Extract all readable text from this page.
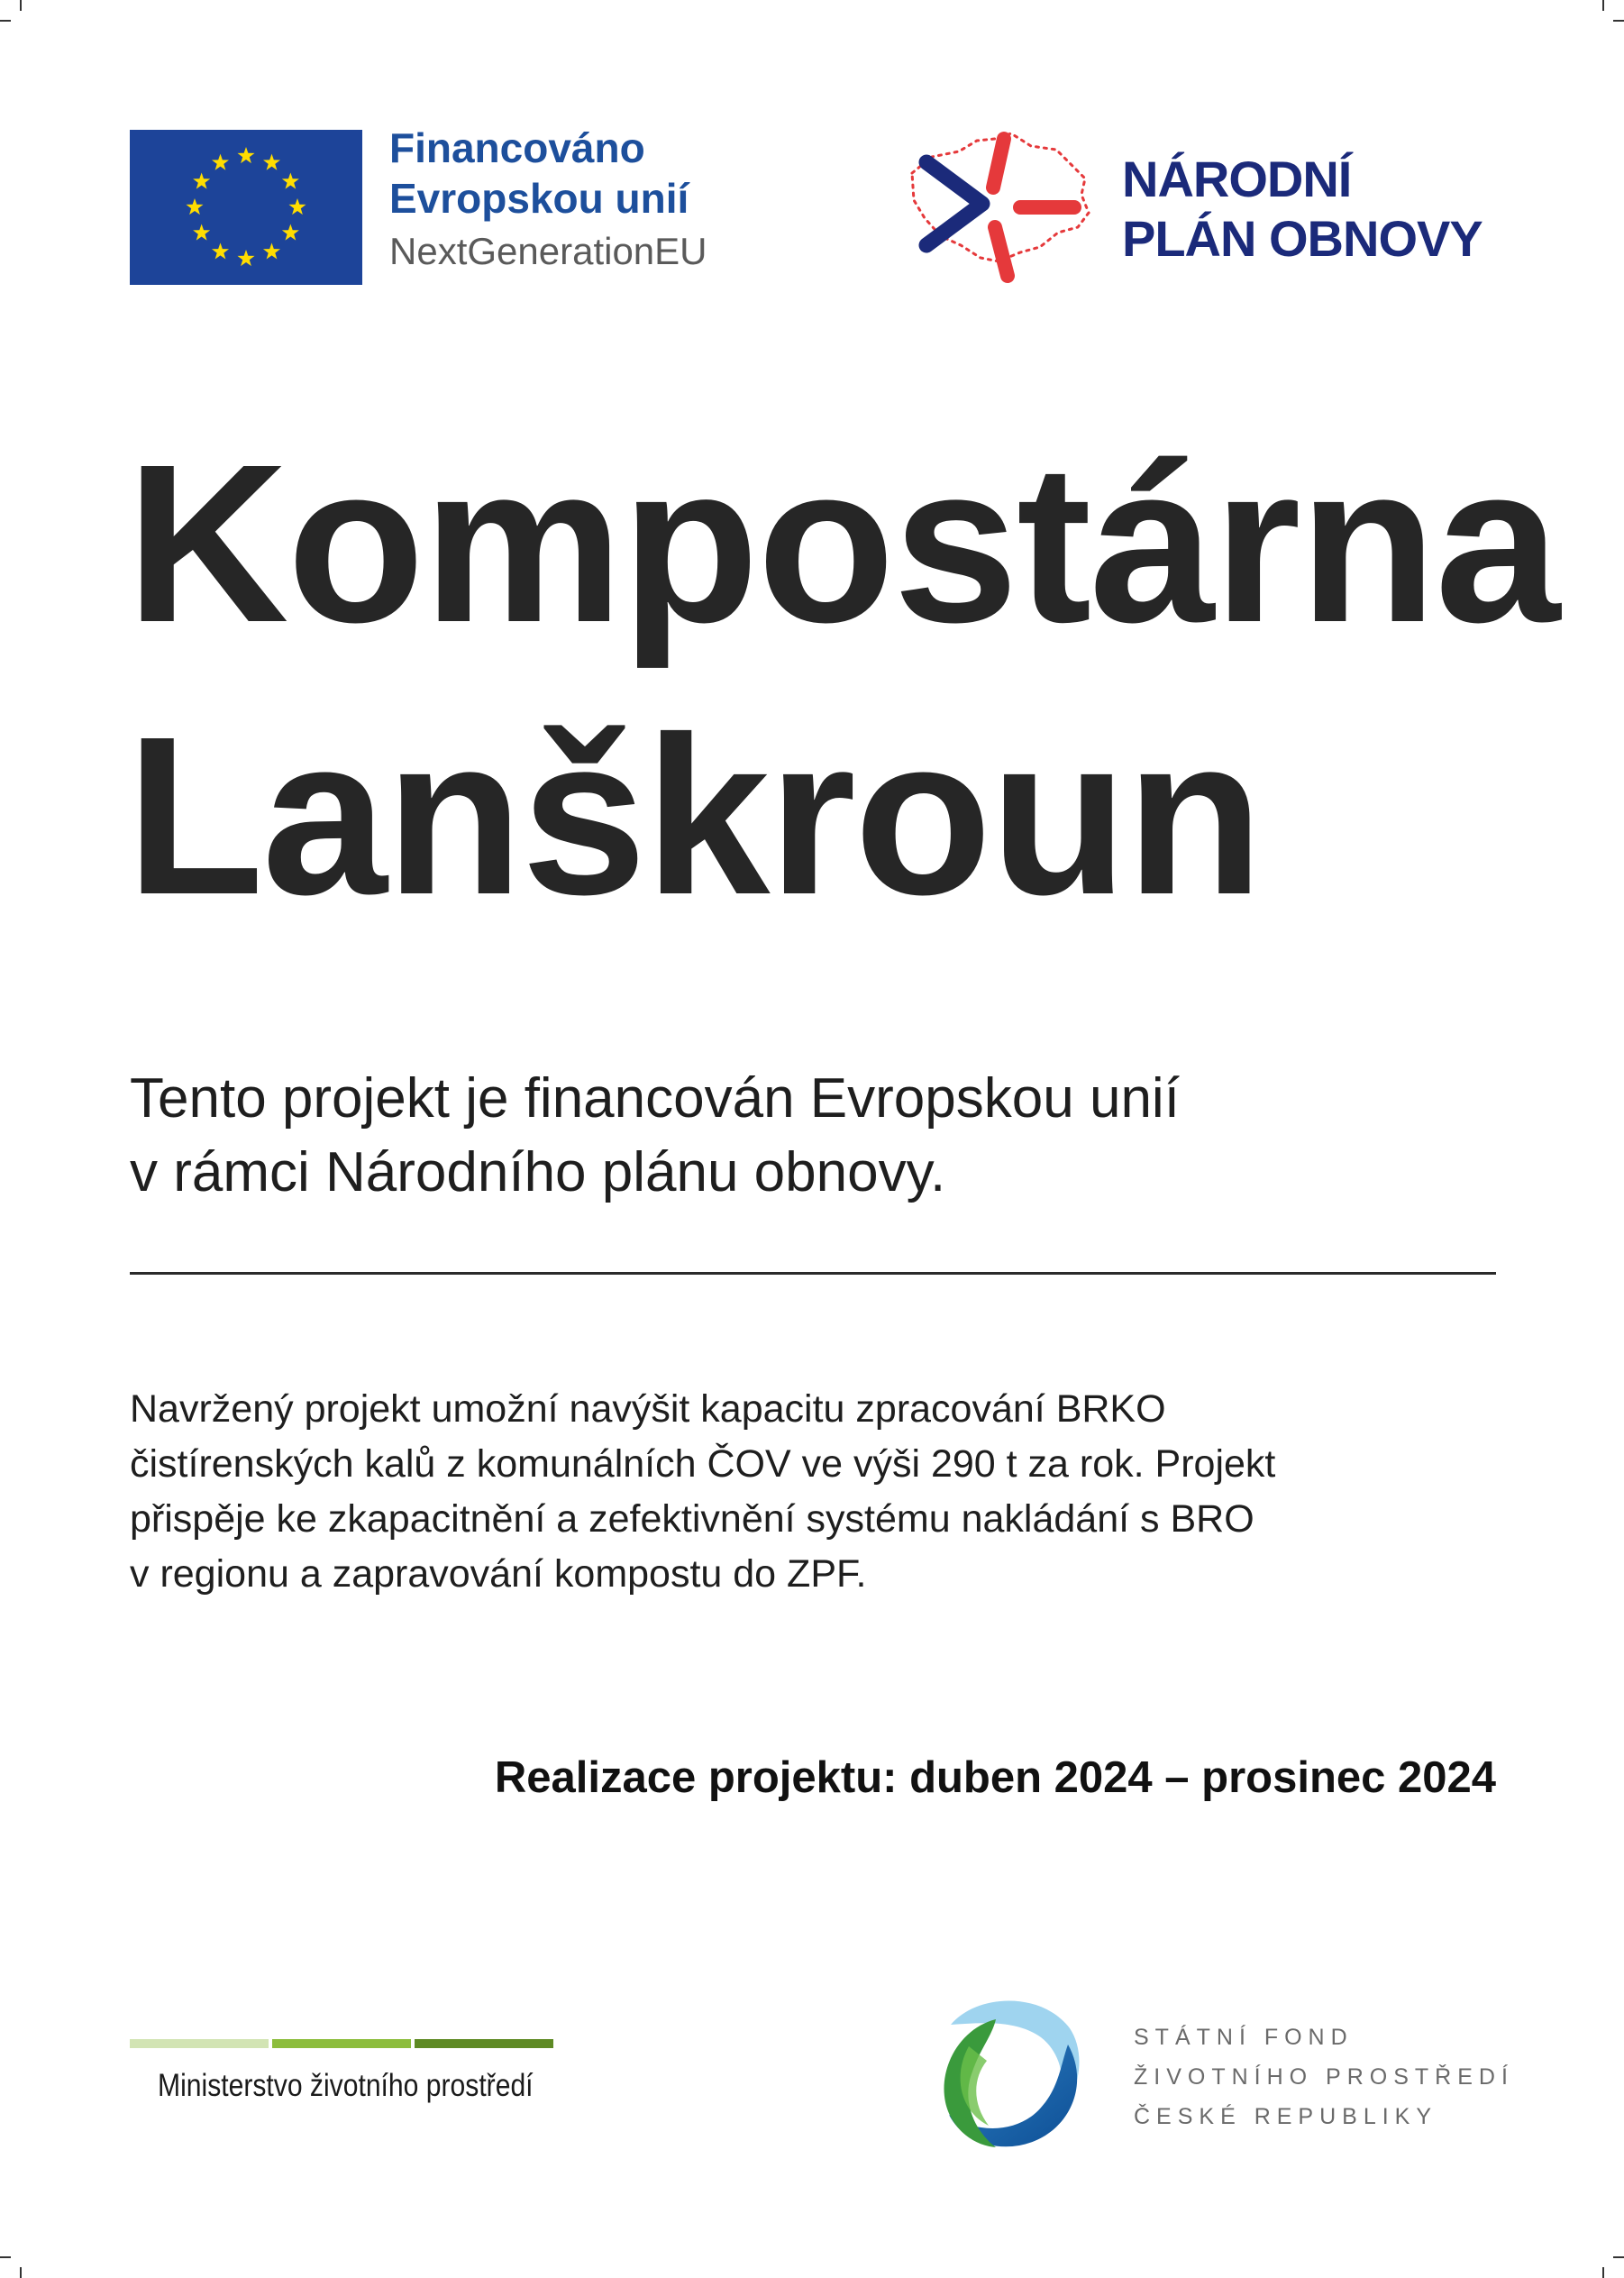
Financováno
Evropskou unií
NextGenerationEU
NÁRODNÍ
PLÁN OBNOVY
Kompostárna
Lanškroun

Tento projekt je financován Evropskou unií
v rámci Národního plánu obnovy.

Navržený projekt umožní navýšit kapacitu zpracování BRKO
čistírenských kalů z komunálních ČOV ve výši 290 t za rok. Projekt
přispěje ke zkapacitnění a zefektivnění systému nakládání s BRO
v regionu a zapravování kompostu do ZPF.

Realizace projektu: duben 2024 – prosinec 2024
Ministerstvo životního prostředí
STÁTNÍ FOND
ŽIVOTNÍHO PROSTŘEDÍ
ČESKÉ REPUBLIKY
